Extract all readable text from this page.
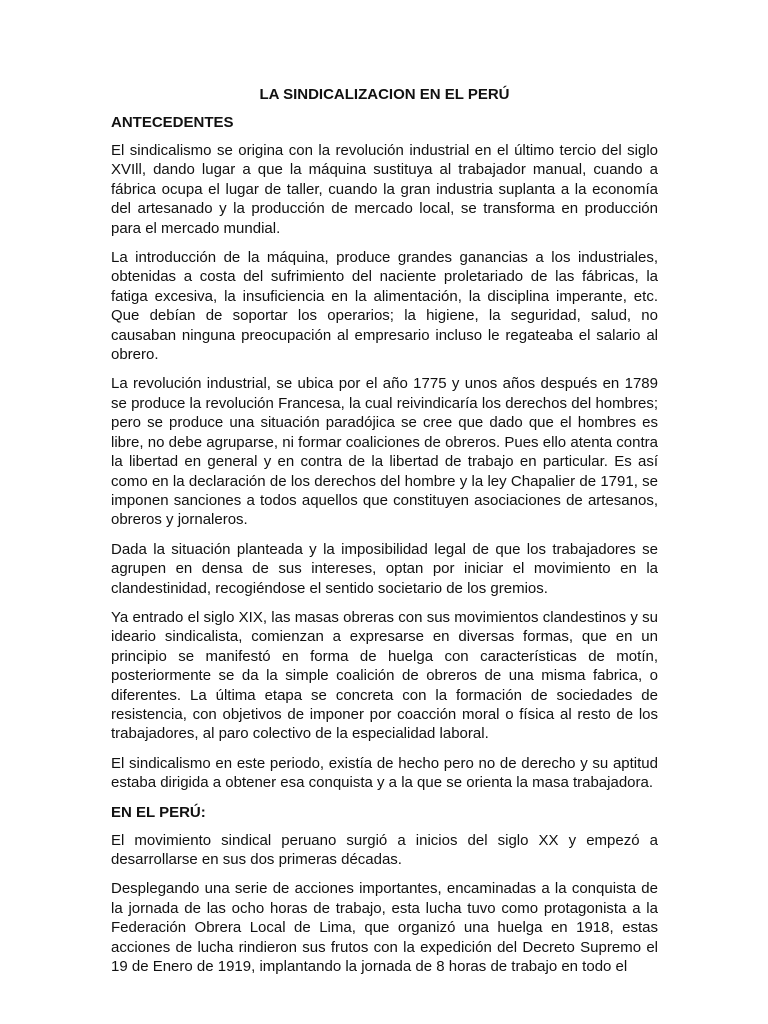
LA SINDICALIZACION EN EL PERÚ
ANTECEDENTES

El sindicalismo se origina con la revolución industrial en el último tercio del siglo XVIll, dando lugar a que la máquina sustituya al trabajador manual, cuando a fábrica ocupa el lugar de taller, cuando la gran industria suplanta a la economía del artesanado y la producción de mercado local, se transforma en producción para el mercado mundial.

La introducción de la máquina, produce grandes ganancias a los industriales, obtenidas a costa del sufrimiento del naciente proletariado de las fábricas, la fatiga excesiva, la insuficiencia en la alimentación, la disciplina imperante, etc. Que debían de soportar los operarios; la higiene, la seguridad, salud, no causaban ninguna preocupación al empresario incluso le regateaba el salario al obrero.

La revolución industrial, se ubica por el año 1775 y unos años después en 1789 se produce la revolución Francesa, la cual reivindicaría los derechos del hombres; pero se produce una situación paradójica se cree que dado que el hombres es libre, no debe agruparse, ni formar coaliciones de obreros. Pues ello atenta contra la libertad en general y en contra de la libertad de trabajo en particular. Es así como en la declaración de los derechos del hombre y la ley Chapalier de 1791, se imponen sanciones a todos aquellos que constituyen asociaciones de artesanos, obreros y jornaleros.

Dada la situación planteada y la imposibilidad legal de que los trabajadores se agrupen en densa de sus intereses, optan por iniciar el movimiento en la clandestinidad, recogiéndose el sentido societario de los gremios.

Ya entrado el siglo XIX, las masas obreras con sus movimientos clandestinos y su ideario sindicalista, comienzan a expresarse en diversas formas, que en un principio se manifestó en forma de huelga con características de motín, posteriormente se da la simple coalición de obreros de una misma fabrica, o diferentes. La última etapa se concreta con la formación de sociedades de resistencia, con objetivos de imponer por coacción moral o física al resto de los trabajadores, al paro colectivo de la especialidad laboral.

El sindicalismo en este periodo, existía de hecho pero no de derecho y su aptitud estaba dirigida a obtener esa conquista y a la que se orienta la masa trabajadora.

EN EL PERÚ:

El movimiento sindical peruano surgió a inicios del siglo XX y empezó a desarrollarse en sus dos primeras décadas.

Desplegando una serie de acciones importantes, encaminadas a la conquista de la jornada de las ocho horas de trabajo, esta lucha tuvo como protagonista a la Federación Obrera Local de Lima, que organizó una huelga en 1918, estas acciones de lucha rindieron sus frutos con la expedición del Decreto Supremo el 19 de Enero de 1919, implantando la jornada de 8 horas de trabajo en todo el
